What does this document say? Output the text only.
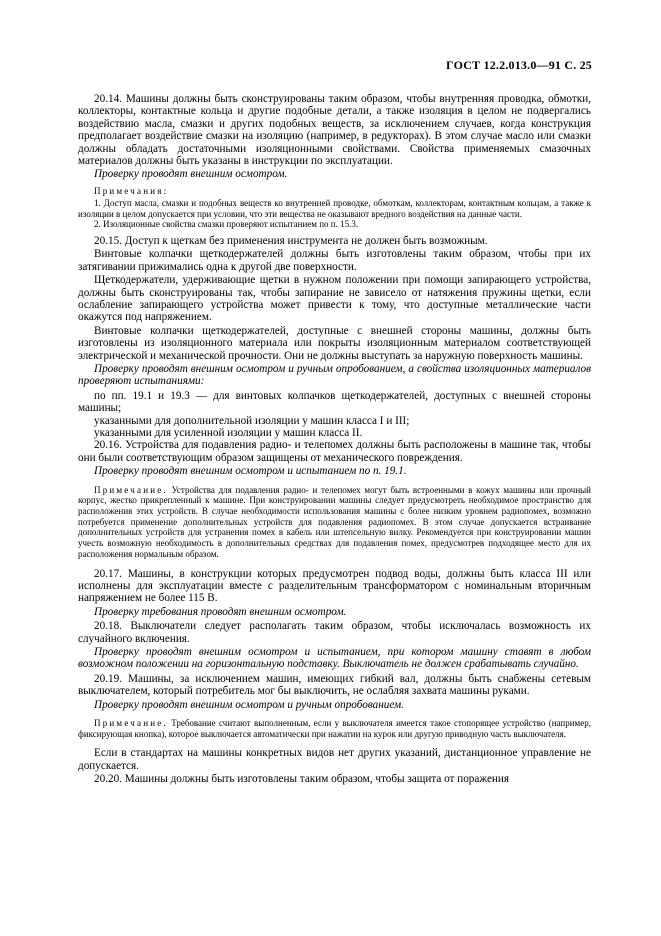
ГОСТ 12.2.013.0—91 С. 25

20.14. Машины должны быть сконструированы таким образом, чтобы внутренняя проводка, обмотки, коллекторы, контактные кольца и другие подобные детали, а также изоляция в целом не подвергались воздействию масла, смазки и других подобных веществ, за исключением случаев, когда конструкция предполагает воздействие смазки на изоляцию (например, в редукторах). В этом случае масло или смазки должны обладать достаточными изоляционными свойствами. Свойства применяемых смазочных материалов должны быть указаны в инструкции по эксплуатации.

Проверку проводят внешним осмотром.

Примечания:

1. Доступ масла, смазки и подобных веществ ко внутренней проводке, обмоткам, коллекторам, контактным кольцам, а также к изоляции в целом допускается при условии, что эти вещества не оказывают вредного воздействия на данные части.

2. Изоляционные свойства смазки проверяют испытанием по п. 15.3.

20.15. Доступ к щеткам без применения инструмента не должен быть возможным.

Винтовые колпачки щеткодержателей должны быть изготовлены таким образом, чтобы при их затягивании прижимались одна к другой две поверхности.

Щеткодержатели, удерживающие щетки в нужном положении при помощи запирающего устройства, должны быть сконструированы так, чтобы запирание не зависело от натяжения пружины щетки, если ослабление запирающего устройства может привести к тому, что доступные металлические части окажутся под напряжением.

Винтовые колпачки щеткодержателей, доступные с внешней стороны машины, должны быть изготовлены из изоляционного материала или покрыты изоляционным материалом соответствующей электрической и механической прочности. Они не должны выступать за наружную поверхность машины.

Проверку проводят внешним осмотром и ручным опробованием, а свойства изоляционных материалов проверяют испытаниями:

по пп. 19.1 и 19.3 — для винтовых колпачков щеткодержателей, доступных с внешней стороны машины;

указанными для дополнительной изоляции у машин класса I и III;

указанными для усиленной изоляции у машин класса II.

20.16. Устройства для подавления радио- и телепомех должны быть расположены в машине так, чтобы они были соответствующим образом защищены от механического повреждения.

Проверку проводят внешним осмотром и испытанием по п. 19.1.

Примечание. Устройства для подавления радио- и телепомех могут быть встроенными в кожух машины или прочный корпус, жестко прикрепленный к машине. При конструировании машины следует предусмотреть необходимое пространство для расположения этих устройств. В случае необходимости использования машины с более низким уровнем радиопомех, возможно потребуется применение дополнительных устройств для подавления радиопомех. В этом случае допускается встраивание дополнительных устройств для устранения помех в кабель или штепсельную вилку. Рекомендуется при конструировании машин учесть возможную необходимость в дополнительных средствах для подавления помех, предусмотрев подходящее место для их расположения нормальным образом.

20.17. Машины, в конструкции которых предусмотрен подвод воды, должны быть класса III или исполнены для эксплуатации вместе с разделительным трансформатором с номинальным вторичным напряжением не более 115 В.

Проверку требования проводят внешним осмотром.

20.18. Выключатели следует располагать таким образом, чтобы исключалась возможность их случайного включения.

Проверку проводят внешним осмотром и испытанием, при котором машину ставят в любом возможном положении на горизонтальную подставку. Выключатель не должен срабатывать случайно.

20.19. Машины, за исключением машин, имеющих гибкий вал, должны быть снабжены сетевым выключателем, который потребитель мог бы выключить, не ослабляя захвата машины руками.

Проверку проводят внешним осмотром и ручным опробованием.

Примечание. Требование считают выполненным, если у выключателя имеется такое стопорящее устройство (например, фиксирующая кнопка), которое выключается автоматически при нажатии на курок или другую приводную часть выключателя.

Если в стандартах на машины конкретных видов нет других указаний, дистанционное управление не допускается.

20.20. Машины должны быть изготовлены таким образом, чтобы защита от поражения
